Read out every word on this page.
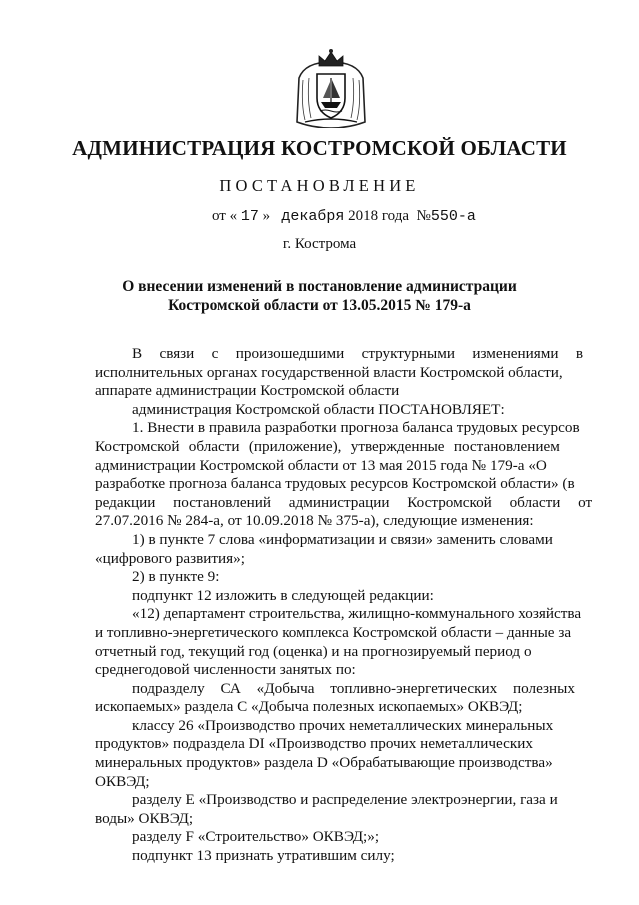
АДМИНИСТРАЦИЯ КОСТРОМСКОЙ ОБЛАСТИ
ПОСТАНОВЛЕНИЕ
от « 17 » декабря 2018 года №550-а
г. Кострома
О внесении изменений в постановление администрации
Костромской области от 13.05.2015 № 179-а
В связи с произошедшими структурными изменениями в
исполнительных органах государственной власти Костромской области,
аппарате администрации Костромской области
администрация Костромской области ПОСТАНОВЛЯЕТ:
1. Внести в правила разработки прогноза баланса трудовых ресурсов
Костромской области (приложение), утвержденные постановлением
администрации Костромской области от 13 мая 2015 года № 179-а «О
разработке прогноза баланса трудовых ресурсов Костромской области» (в
редакции постановлений администрации Костромской области от
27.07.2016 № 284-а, от 10.09.2018 № 375-а), следующие изменения:
1) в пункте 7 слова «информатизации и связи» заменить словами
«цифрового развития»;
2) в пункте 9:
подпункт 12 изложить в следующей редакции:
«12) департамент строительства, жилищно-коммунального хозяйства
и топливно-энергетического комплекса Костромской области – данные за
отчетный год, текущий год (оценка) и на прогнозируемый период о
среднегодовой численности занятых по:
подразделу СА «Добыча топливно-энергетических полезных
ископаемых» раздела С «Добыча полезных ископаемых» ОКВЭД;
классу 26 «Производство прочих неметаллических минеральных
продуктов» подраздела DI «Производство прочих неметаллических
минеральных продуктов» раздела D «Обрабатывающие производства»
ОКВЭД;
разделу Е «Производство и распределение электроэнергии, газа и
воды» ОКВЭД;
разделу F «Строительство» ОКВЭД;»;
подпункт 13 признать утратившим силу;
